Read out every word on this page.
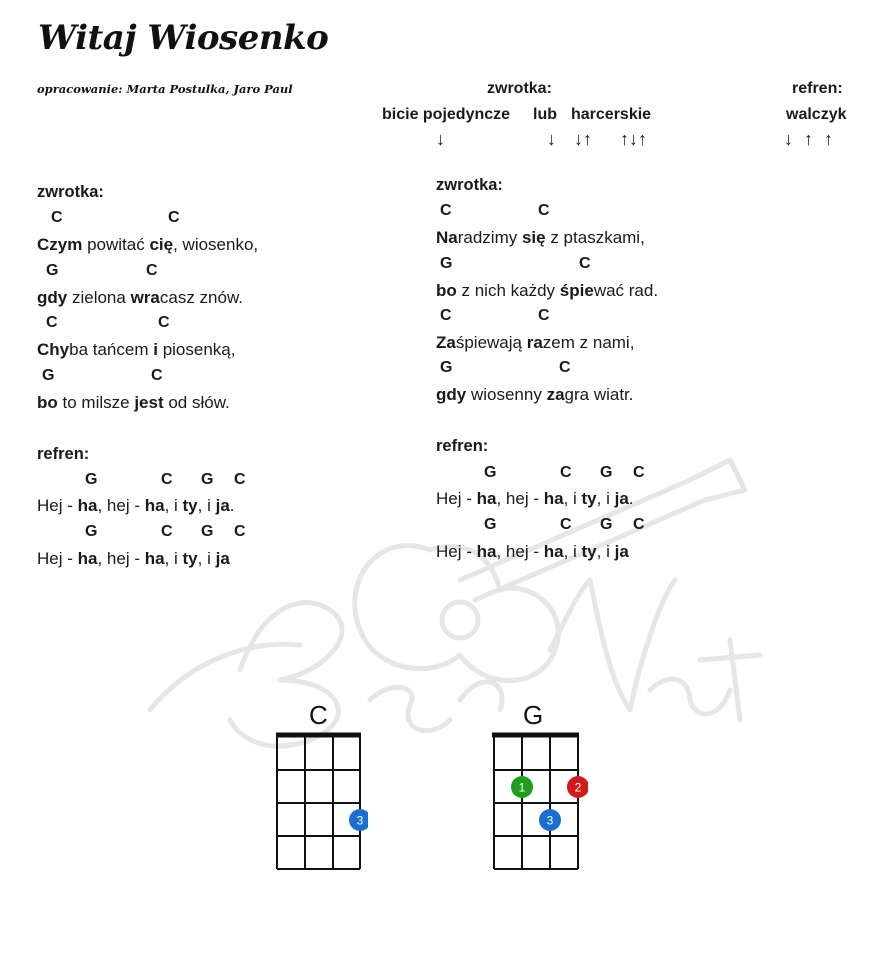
Witaj Wiosenko
opracowanie: Marta Postulka, Jaro Paul	zwrotka:
bicie pojedyncze lub harcerskie
↓	↓ ↓↑ ↑↓↑
refren:
walczyk
↓ ↑ ↑
zwrotka:
C	C
Czym powitać cię, wiosenko,
G	C
gdy zielona wracasz znów.
C	C
Chyba tańcem i piosenką,
G	C
bo to milsze jest od słów.
refren:
G	C G C
Hej - ha, hej - ha, i ty, i ja.
G	C G C
Hej - ha, hej - ha, i ty, i ja
zwrotka:
C	C
Naradzimy się z ptaszkami,
G	C
bo z nich każdy śpiewać rad.
C	C
Zaśpiewają razem z nami,
G	C
gdy wiosenny zagra wiatr.
refren:
G	C G C
Hej - ha, hej - ha, i ty, i ja.
G	C G C
Hej - ha, hej - ha, i ty, i ja
C
3
G
1	2
3
